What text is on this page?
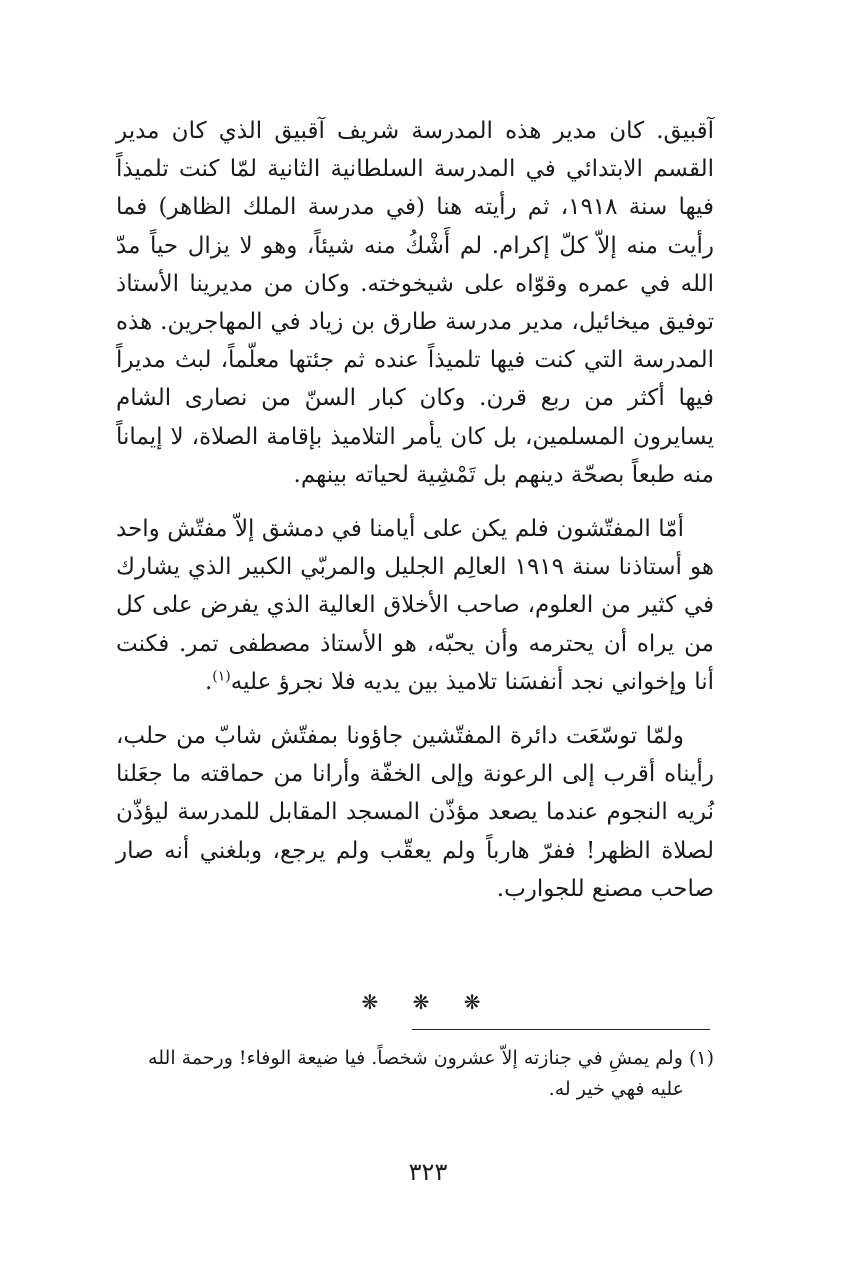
آقبيق. كان مدير هذه المدرسة شريف آقبيق الذي كان مدير القسم الابتدائي في المدرسة السلطانية الثانية لمّا كنت تلميذاً فيها سنة ١٩١٨، ثم رأيته هنا (في مدرسة الملك الظاهر) فما رأيت منه إلاّ كلّ إكرام. لم أَشْكُ منه شيئاً، وهو لا يزال حياً مدّ الله في عمره وقوّاه على شيخوخته. وكان من مديرينا الأستاذ توفيق ميخائيل، مدير مدرسة طارق بن زياد في المهاجرين. هذه المدرسة التي كنت فيها تلميذاً عنده ثم جئتها معلّماً، لبث مديراً فيها أكثر من ربع قرن. وكان كبار السنّ من نصارى الشام يسايرون المسلمين، بل كان يأمر التلاميذ بإقامة الصلاة، لا إيماناً منه طبعاً بصحّة دينهم بل تَمْشِية لحياته بينهم.

أمّا المفتّشون فلم يكن على أيامنا في دمشق إلاّ مفتّش واحد هو أستاذنا سنة ١٩١٩ العالِم الجليل والمربّي الكبير الذي يشارك في كثير من العلوم، صاحب الأخلاق العالية الذي يفرض على كل من يراه أن يحترمه وأن يحبّه، هو الأستاذ مصطفى تمر. فكنت أنا وإخواني نجد أنفسَنا تلاميذ بين يديه فلا نجرؤ عليه$^{(١)}$.

ولمّا توسّعَت دائرة المفتّشين جاؤونا بمفتّش شابّ من حلب، رأيناه أقرب إلى الرعونة وإلى الخفّة وأرانا من حماقته ما جعَلنا نُريه النجوم عندما يصعد مؤذّن المسجد المقابل للمدرسة ليؤذّن لصلاة الظهر! ففرّ هارباً ولم يعقّب ولم يرجع، وبلغني أنه صار صاحب مصنع للجوارب.

❋ ❋ ❋

(١) ولم يمشِ في جنازته إلاّ عشرون شخصاً. فيا ضيعة الوفاء! ورحمة الله

عليه فهي خير له.

٣٢٣
